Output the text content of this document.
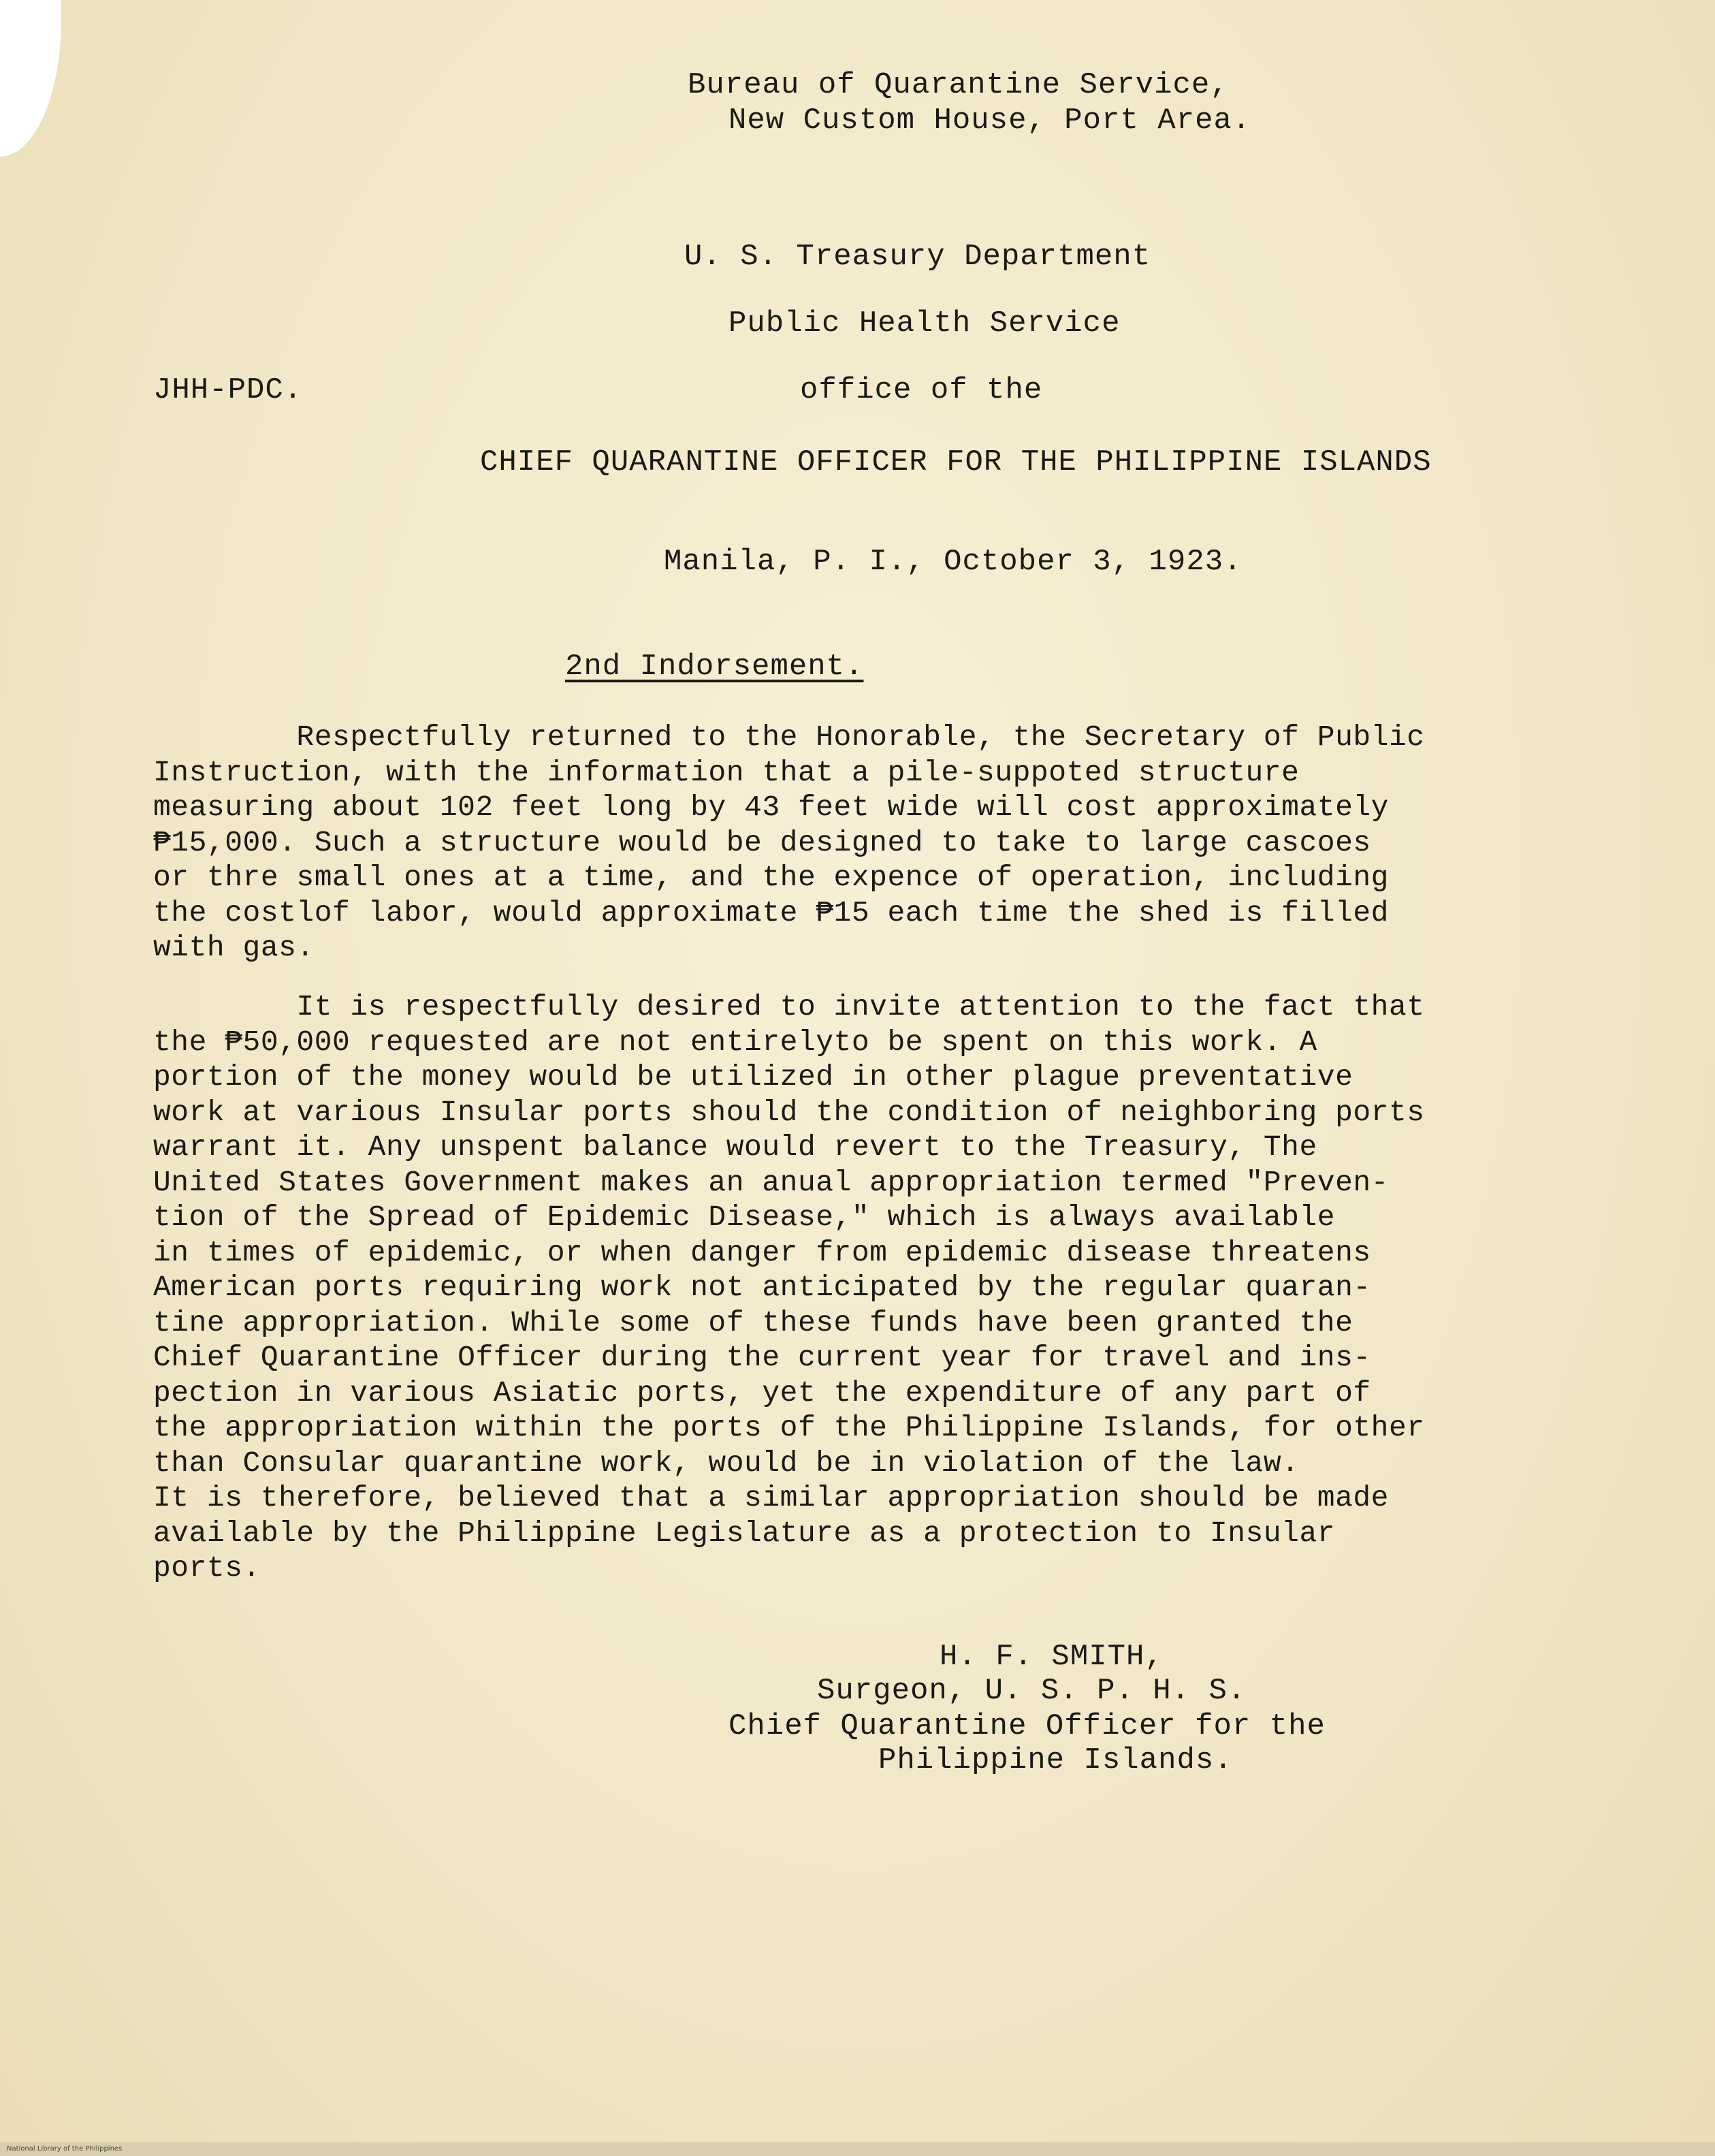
Bureau of Quarantine Service,
New Custom House, Port Area.
U. S. Treasury Department
Public Health Service
JHH-PDC.	office of the
CHIEF QUARANTINE OFFICER FOR THE PHILIPPINE ISLANDS
Manila, P. I., October 3, 1923.
2nd Indorsement.
Respectfully returned to the Honorable, the Secretary of Public
Instruction, with the information that a pile-suppoted structure
measuring about 102 feet long by 43 feet wide will cost approximately
₱15,000. Such a structure would be designed to take to large cascoes
or thre small ones at a time, and the expence of operation, including
the costlof labor, would approximate ₱15 each time the shed is filled
with gas.
It is respectfully desired to invite attention to the fact that
the ₱50,000 requested are not entirelyto be spent on this work. A
portion of the money would be utilized in other plague preventative
work at various Insular ports should the condition of neighboring ports
warrant it. Any unspent balance would revert to the Treasury, The
United States Government makes an anual appropriation termed "Preven-
tion of the Spread of Epidemic Disease," which is always available
in times of epidemic, or when danger from epidemic disease threatens
American ports requiring work not anticipated by the regular quaran-
tine appropriation. While some of these funds have been granted the
Chief Quarantine Officer during the current year for travel and ins-
pection in various Asiatic ports, yet the expenditure of any part of
the appropriation within the ports of the Philippine Islands, for other
than Consular quarantine work, would be in violation of the law.
It is therefore, believed that a similar appropriation should be made
available by the Philippine Legislature as a protection to Insular
ports.
H. F. SMITH,
Surgeon, U. S. P. H. S.
Chief Quarantine Officer for the
Philippine Islands.
National Library of the Philippines
